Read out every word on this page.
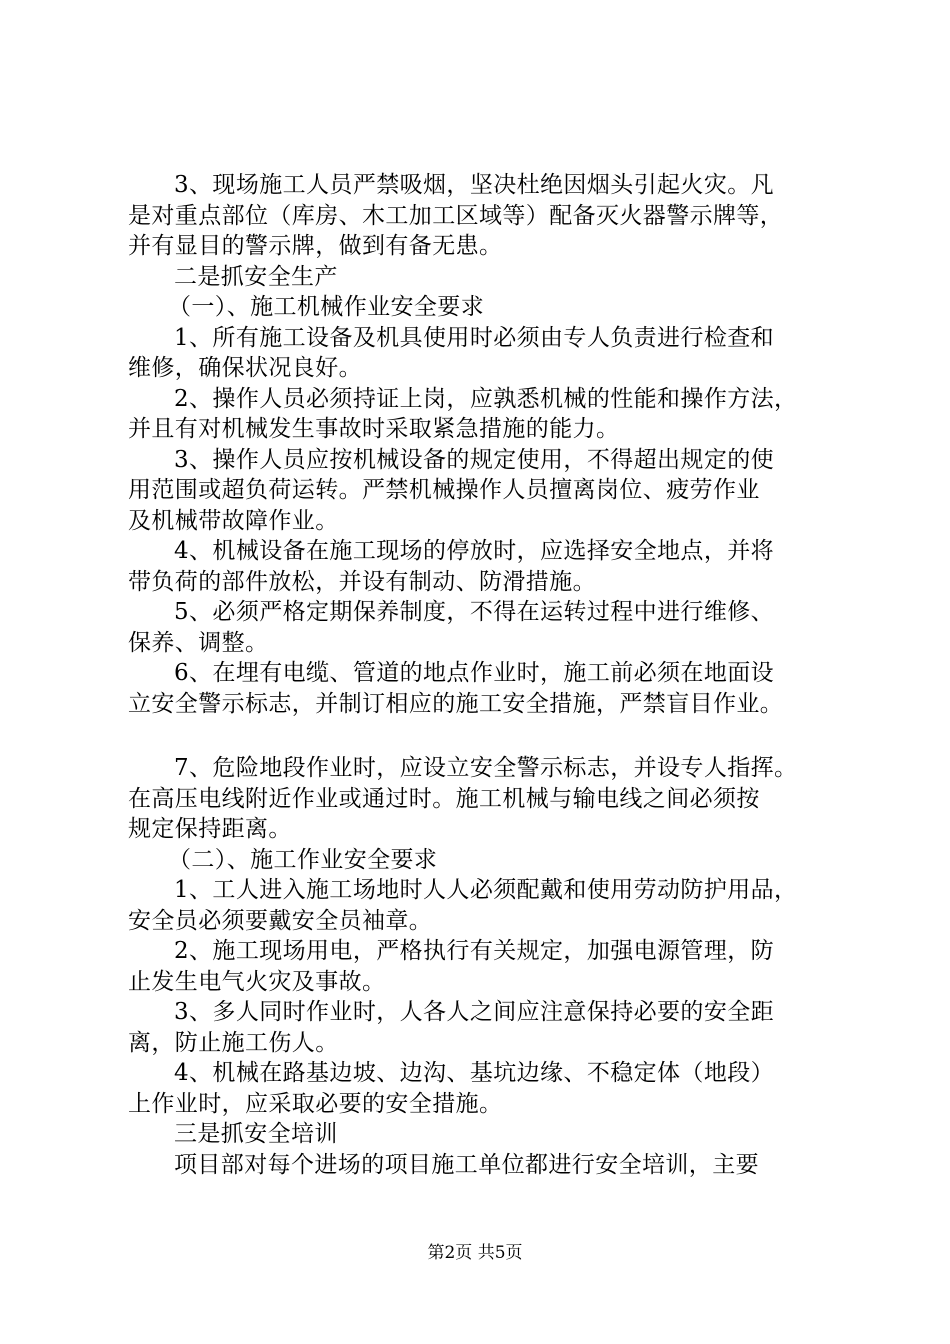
3、现场施工人员严禁吸烟，坚决杜绝因烟头引起火灾。凡
是对重点部位（库房、木工加工区域等）配备灭火器警示牌等，
并有显目的警示牌，做到有备无患。
二是抓安全生产
（一）、施工机械作业安全要求
1、所有施工设备及机具使用时必须由专人负责进行检查和
维修，确保状况良好。
2、操作人员必须持证上岗，应孰悉机械的性能和操作方法，
并且有对机械发生事故时采取紧急措施的能力。
3、操作人员应按机械设备的规定使用，不得超出规定的使
用范围或超负荷运转。严禁机械操作人员擅离岗位、疲劳作业
及机械带故障作业。
4、机械设备在施工现场的停放时，应选择安全地点，并将
带负荷的部件放松，并设有制动、防滑措施。
5、必须严格定期保养制度，不得在运转过程中进行维修、
保养、调整。
6、在埋有电缆、管道的地点作业时，施工前必须在地面设
立安全警示标志，并制订相应的施工安全措施，严禁盲目作业。
7、危险地段作业时，应设立安全警示标志，并设专人指挥。
在高压电线附近作业或通过时。施工机械与输电线之间必须按
规定保持距离。
（二）、施工作业安全要求
1、工人进入施工场地时人人必须配戴和使用劳动防护用品，
安全员必须要戴安全员袖章。
2、施工现场用电，严格执行有关规定，加强电源管理，防
止发生电气火灾及事故。
3、多人同时作业时，人各人之间应注意保持必要的安全距
离，防止施工伤人。
4、机械在路基边坡、边沟、基坑边缘、不稳定体（地段）
上作业时，应采取必要的安全措施。
三是抓安全培训
项目部对每个进场的项目施工单位都进行安全培训，主要
第2页 共5页
